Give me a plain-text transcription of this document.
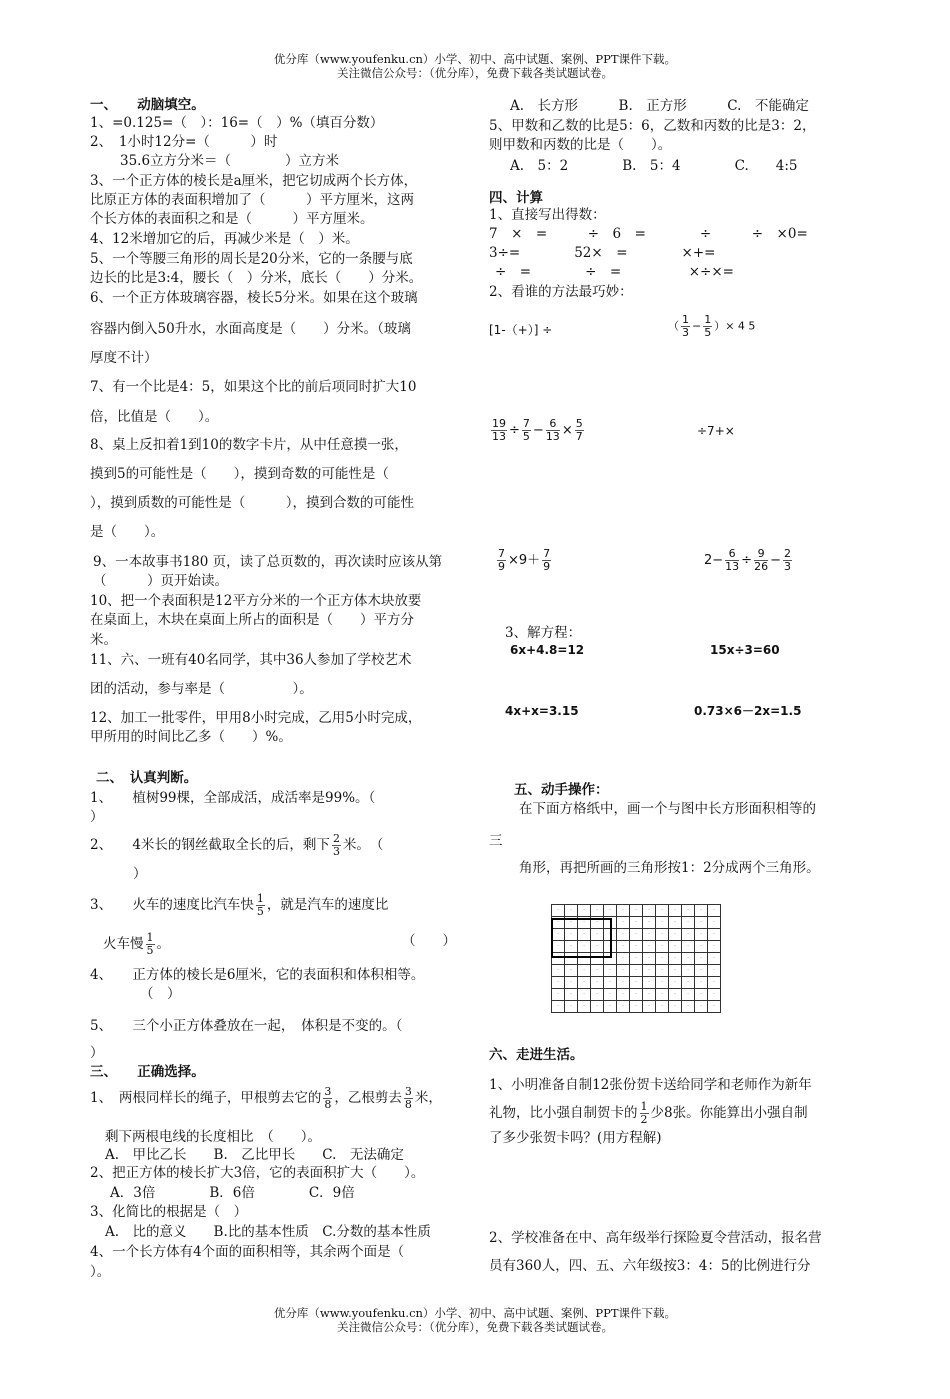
优分库（www.youfenku.cn）小学、初中、高中试题、案例、PPT课件下载。
关注微信公众号：（优分库），免费下载各类试题试卷。
一、　　动脑填空。
1、=0.125=（　）：16=（　）%（填百分数）
2、　1小时12分=（　　　）时
35.6立方分米＝（　　　　）立方米
3、一个正方体的棱长是a厘米，把它切成两个长方体，
比原正方体的表面积增加了（　　　）平方厘米，这两
个长方体的表面积之和是（　　　）平方厘米。
4、12米增加它的后，再减少米是（　）米。
5、一个等腰三角形的周长是20分米，它的一条腰与底
边长的比是3:4，腰长（　）分米，底长（　　）分米。
6、一个正方体玻璃容器，棱长5分米。如果在这个玻璃
容器内倒入50升水，水面高度是（　　）分米。（玻璃
厚度不计）
7、有一个比是4：5，如果这个比的前后项同时扩大10
倍，比值是（　　）。
8、桌上反扣着1到10的数字卡片，从中任意摸一张，
摸到5的可能性是（　　），摸到奇数的可能性是（
），摸到质数的可能性是（　　　），摸到合数的可能性
是（　　）。
9、一本故事书180 页，读了总页数的，再次读时应该从第
（　　　）页开始读。
10、把一个表面积是12平方分米的一个正方体木块放要
在桌面上，木块在桌面上所占的面积是（　　）平方分
米。
11、六、一班有40名同学，其中36人参加了学校艺术
团的活动，参与率是（　　　　　）。
12、加工一批零件，甲用8小时完成，乙用5小时完成，
甲所用的时间比乙多（　　）%。
二、　认真判断。
1、　　植树99棵，全部成活，成活率是99%。（
）
2、　　4米长的钢丝截取全长的后，剩下 $\frac{2}{3}$ 米。　（
）
3、　　火车的速度比汽车快 $\frac{1}{5}$ ，就是汽车的速度比
火车慢 $\frac{1}{5}$ 。	（　　）
4、　　正方体的棱长是6厘米，它的表面积和体积相等。
（　）
5、　　三个小正方体叠放在一起，　体积是不变的。（
）
三、　　正确选择。
1、　两根同样长的绳子，甲根剪去它的 $\frac{3}{8}$ ，乙根剪去 $\frac{3}{8}$ 米，
剩下两根电线的长度相比　（　　）。
A.　甲比乙长　　B.　乙比甲长　　C.　无法确定
2、把正方体的棱长扩大3倍，它的表面积扩大（　　）。
A．3倍　　　　B．6倍　　　　C．9倍
3、化简比的根据是（　）
A.　比的意义　　B.比的基本性质　C.分数的基本性质
4、一个长方体有4个面的面积相等，其余两个面是（
）。
A.　长方形　　　B.　正方形　　　C.　不能确定
5、甲数和乙数的比是5：6，乙数和丙数的比是3：2，
则甲数和丙数的比是（　　）。
A.　5：2　　　　B.　5：4　　　　C.　　4:5
四、计算
1、直接写出得数：
7　×　=　　　÷　6　=　　　　÷　　　÷　×0=
3÷=　　　　52×　=　　　　×+=
÷　=　　　　÷　=　　　　　×÷×=
2、看谁的方法最巧妙：
[1-（+）] ÷	（ $\frac{1}{3} - \frac{1}{5}$ ）× 4 5
$\frac{19}{13} \div \frac{7}{5} - \frac{6}{13} \times \frac{5}{7}$	÷7+×
$\frac{7}{9} \times 9+ \frac{7}{9}$	$2- \frac{6}{13} \div \frac{9}{26} - \frac{2}{3}$
3、解方程：
6x+4.8=12	15x÷3=60
4x+x=3.15	0.73×6－2x=1.5
五、动手操作：
在下面方格纸中，画一个与图中长方形面积相等的
三
角形，再把所画的三角形按1：2分成两个三角形。
·	·	·	·	·	·	·	·	·	·	·	·	·
·	·	·	·	·	·	·	·	·	·	·	·	·
·	·	·	·	·	·	·	·	·	·	·	·	·
·	·	·	·	·	·	·	·	·	·	·	·	·
·	·	·	·	·	·	·	·	·	·	·	·	·
·	·	·	·	·	·	·	·	·	·	·	·	·
·	·	·	·	·	·	·	·	·	·	·	·	·
·	·	·	·	·	·	·	·	·	·	·	·	·
·	·	·	·	·	·	·	·	·	·	·	·	·
六、走进生活。
1、小明准备自制12张份贺卡送给同学和老师作为新年
礼物，比小强自制贺卡的 $\frac{1}{2}$ 少8张。你能算出小强自制
了多少张贺卡吗？(用方程解)
2、学校准备在中、高年级举行探险夏令营活动，报名营
员有360人，四、五、六年级按3：4：5的比例进行分
优分库（www.youfenku.cn）小学、初中、高中试题、案例、PPT课件下载。
关注微信公众号：（优分库），免费下载各类试题试卷。
